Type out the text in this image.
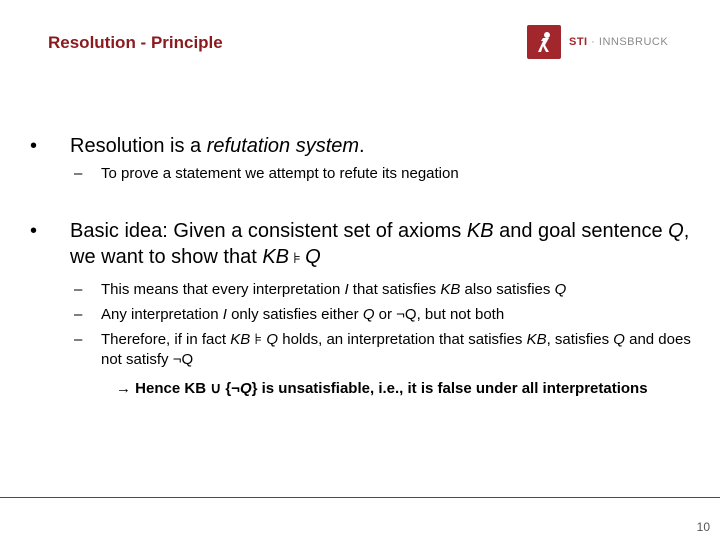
Resolution - Principle	STI · INNSBRUCK
•	Resolution is a refutation system.
–	To prove a statement we attempt to refute its negation
•	Basic idea: Given a consistent set of axioms KB and goal sentence Q, we want to show that KB ⊧ Q
–	This means that every interpretation I that satisfies KB also satisfies Q
–	Any interpretation I only satisfies either Q or ¬Q, but not both
–	Therefore, if in fact KB ⊧ Q holds, an interpretation that satisfies KB, satisfies Q and does not satisfy ¬Q
→ Hence KB ∪ {¬Q} is unsatisfiable, i.e., it is false under all interpretations
10
